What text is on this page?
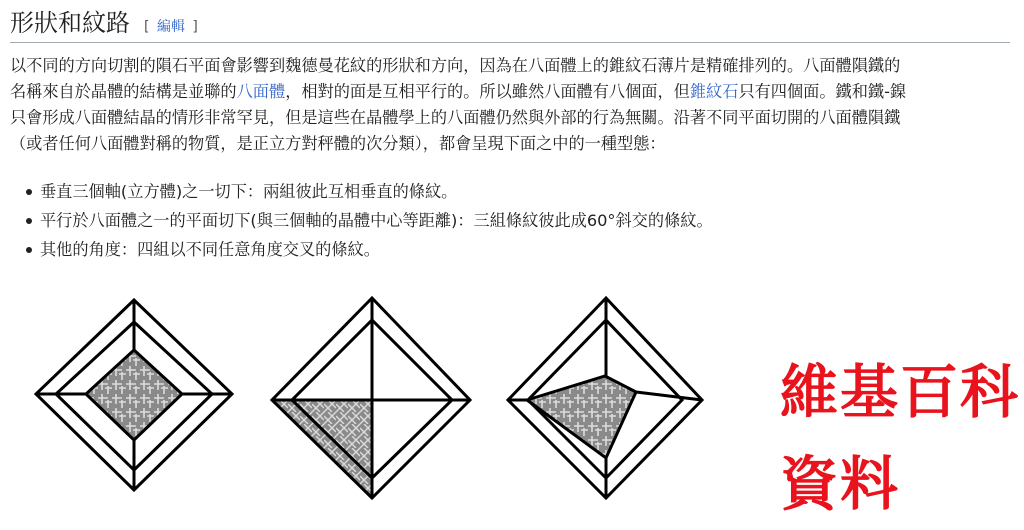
形狀和紋路 [ 編輯 ]

以不同的方向切割的隕石平面會影響到魏德曼花紋的形狀和方向，因為在八面體上的錐紋石薄片是精確排列的。八面體隕鐵的

名稱來自於晶體的結構是並聯的八面體，相對的面是互相平行的。所以雖然八面體有八個面，但錐紋石只有四個面。鐵和鐵-鎳

只會形成八面體結晶的情形非常罕見，但是這些在晶體學上的八面體仍然與外部的行為無關。沿著不同平面切開的八面體隕鐵

（或者任何八面體對稱的物質，是正立方對秤體的次分類），都會呈現下面之中的一種型態：

垂直三個軸(立方體)之一切下：兩組彼此互相垂直的條紋。
平行於八面體之一的平面切下(與三個軸的晶體中心等距離)：三組條紋彼此成60°斜交的條紋。
其他的角度：四組以不同任意角度交叉的條紋。
維基百科
資料
